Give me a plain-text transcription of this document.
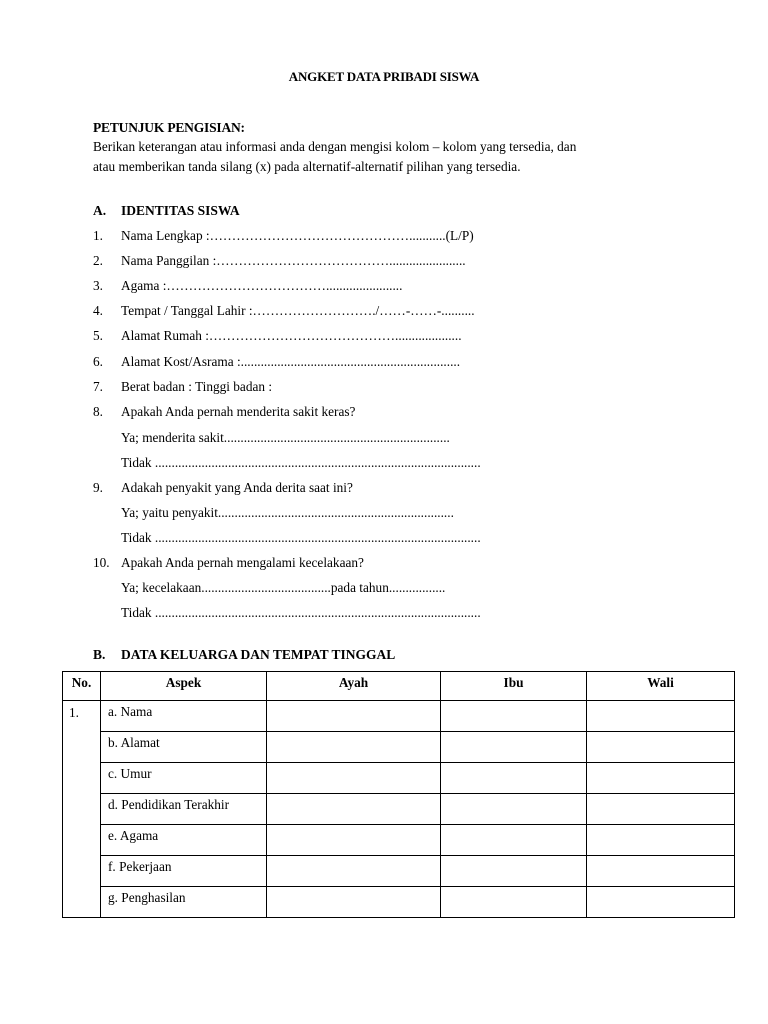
ANGKET DATA PRIBADI SISWA
PETUNJUK PENGISIAN:
Berikan keterangan atau informasi anda dengan mengisi kolom – kolom yang tersedia, dan
atau memberikan tanda silang (x) pada alternatif-alternatif pilihan yang tersedia.
A. IDENTITAS SISWA
1. Nama Lengkap :………………………………………...........(L/P)
2. Nama Panggilan :………………………………….......................
3. Agama :……………………………….......................
4. Tempat / Tanggal Lahir :………………………./……-……-..........
5. Alamat Rumah :……………………………………....................
6. Alamat Kost/Asrama :..................................................................
7. Berat badan : Tinggi badan :
8. Apakah Anda pernah menderita sakit keras?
Ya; menderita sakit....................................................................
Tidak ..................................................................................................
9. Adakah penyakit yang Anda derita saat ini?
Ya; yaitu penyakit.......................................................................
Tidak ..................................................................................................
10. Apakah Anda pernah mengalami kecelakaan?
Ya; kecelakaan.......................................pada tahun.................
Tidak ..................................................................................................
B. DATA KELUARGA DAN TEMPAT TINGGAL
No.	Aspek	Ayah	Ibu	Wali
1.	a. Nama			
	b. Alamat			
	c. Umur			
	d. Pendidikan Terakhir			
	e. Agama			
	f. Pekerjaan			
	g. Penghasilan			
